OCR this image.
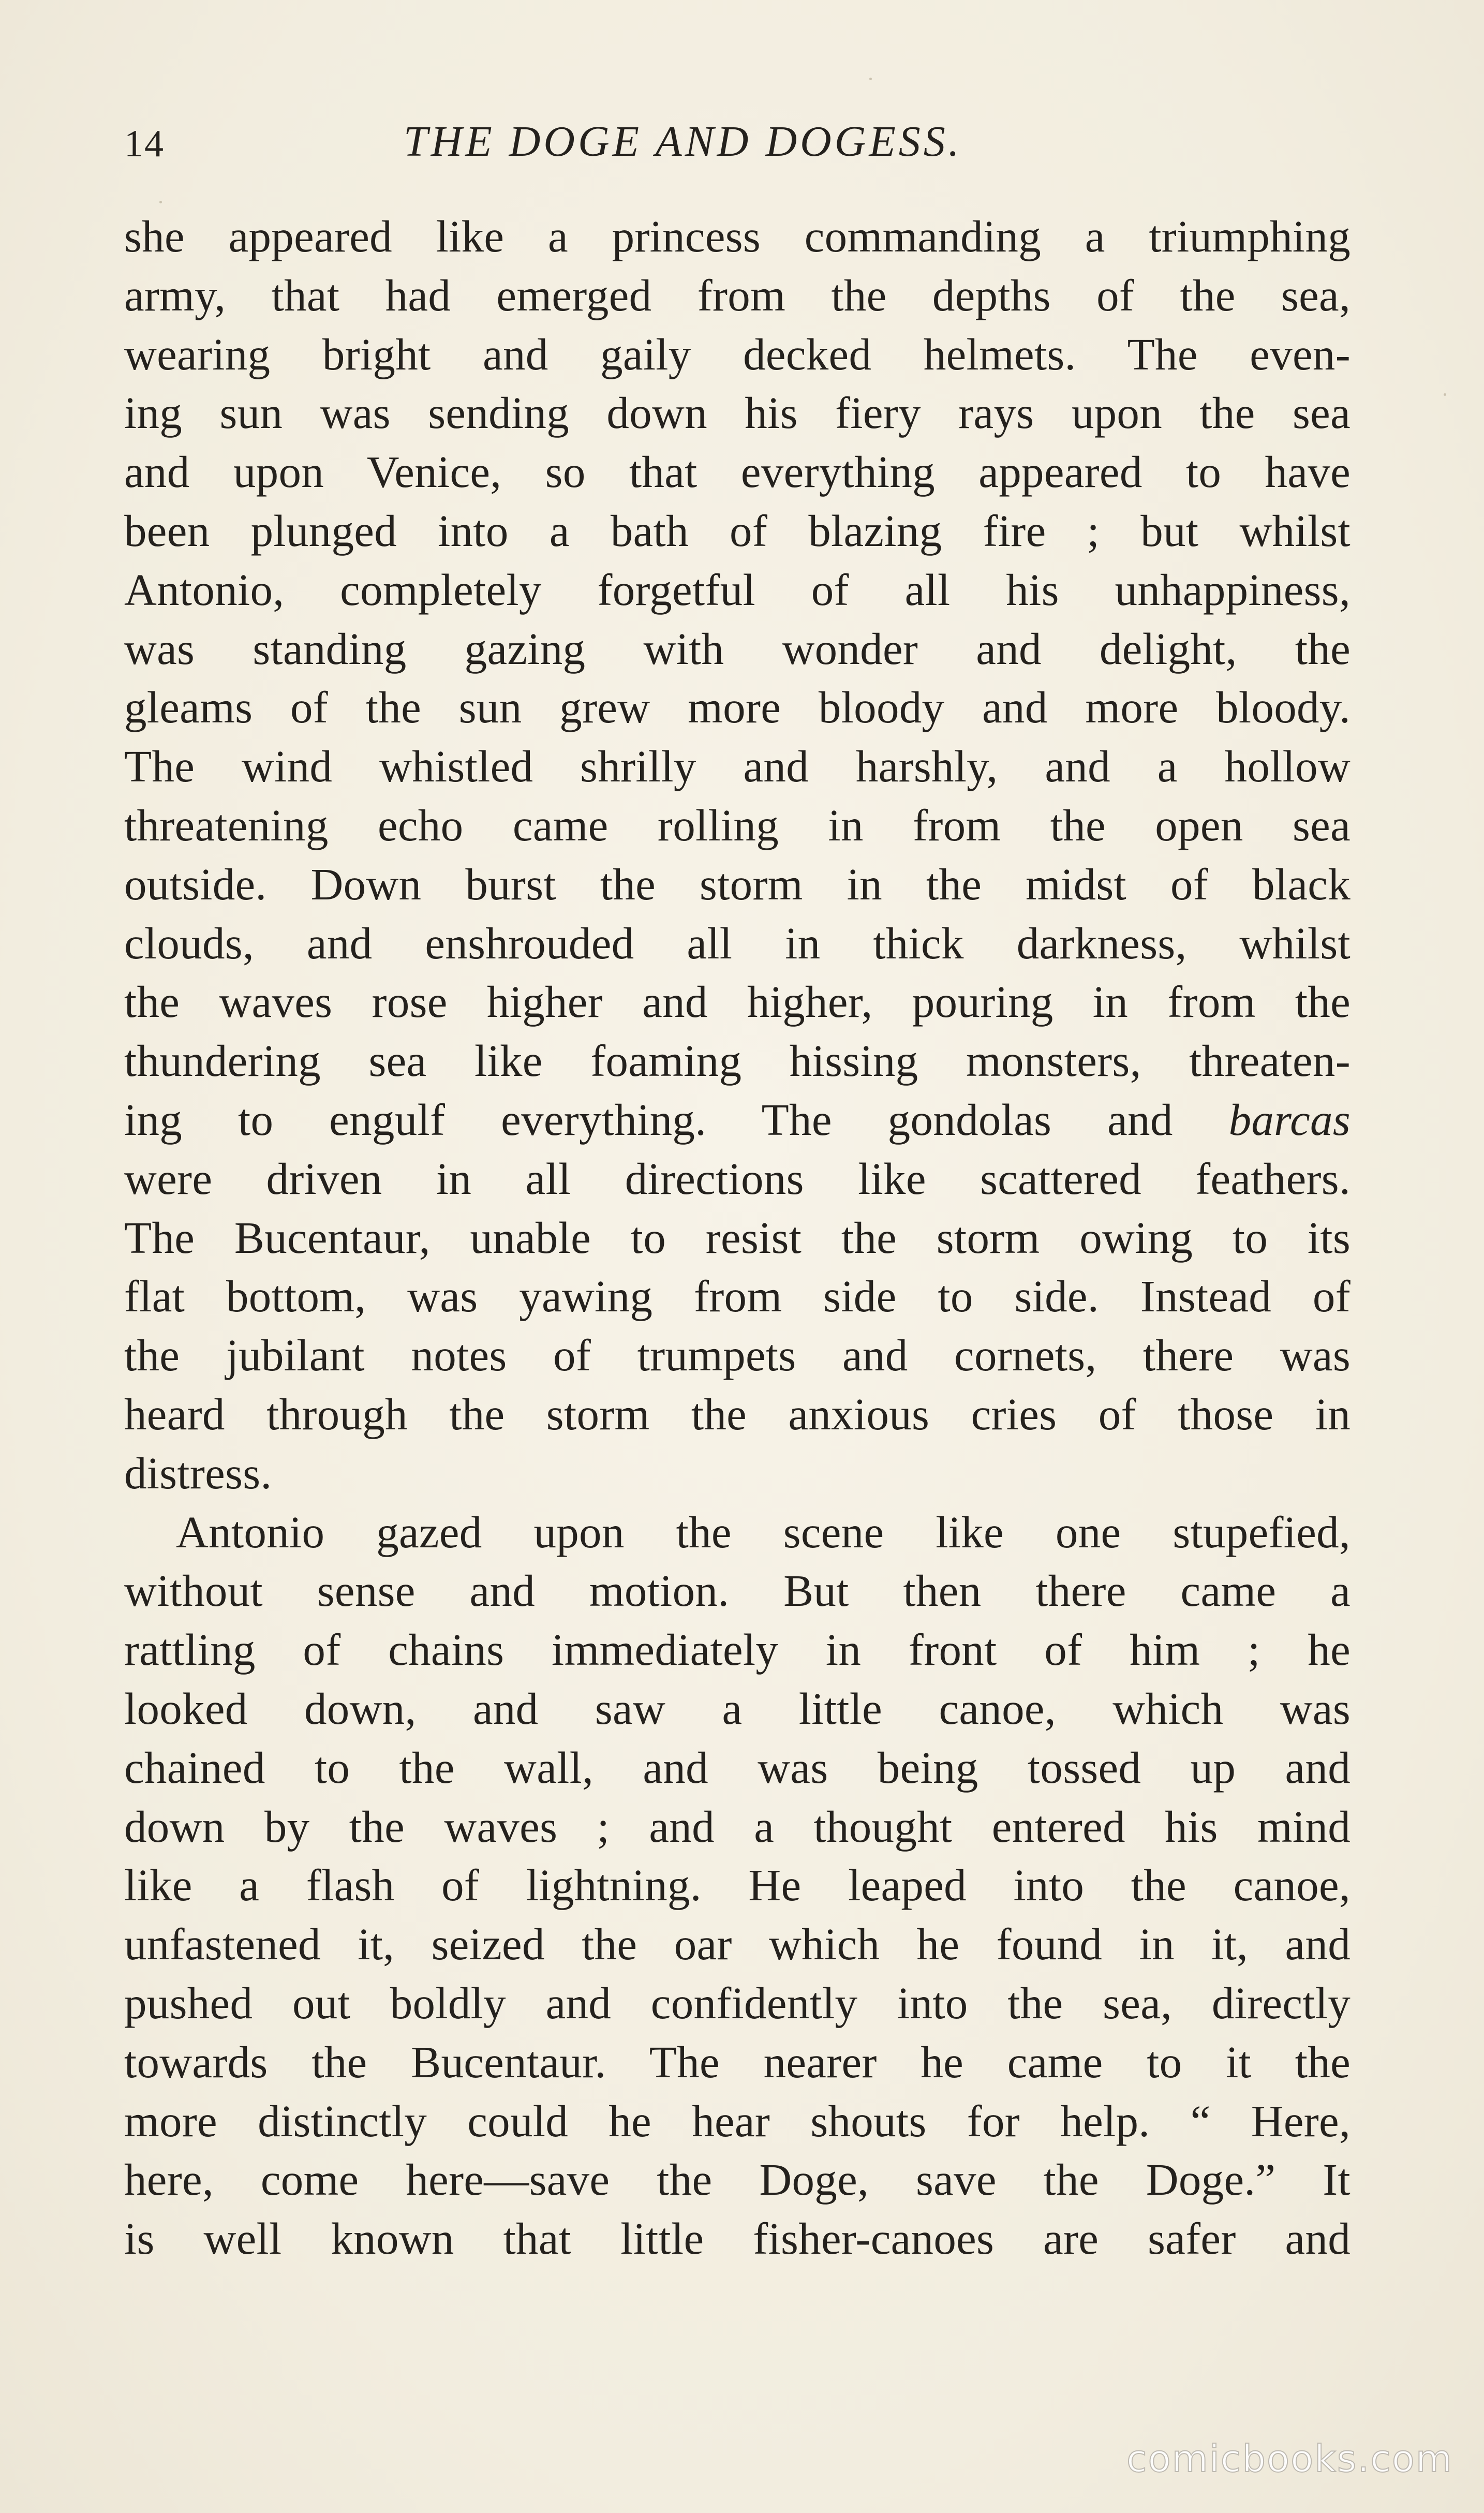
14	THE DOGE AND DOGESS.
she appeared like a princess commanding a triumphing
army, that had emerged from the depths of the sea,
wearing bright and gaily decked helmets. The even-
ing sun was sending down his fiery rays upon the sea
and upon Venice, so that everything appeared to have
been plunged into a bath of blazing fire ; but whilst
Antonio, completely forgetful of all his unhappiness,
was standing gazing with wonder and delight, the
gleams of the sun grew more bloody and more bloody.
The wind whistled shrilly and harshly, and a hollow
threatening echo came rolling in from the open sea
outside. Down burst the storm in the midst of black
clouds, and enshrouded all in thick darkness, whilst
the waves rose higher and higher, pouring in from the
thundering sea like foaming hissing monsters, threaten-
ing to engulf everything. The gondolas and barcas
were driven in all directions like scattered feathers.
The Bucentaur, unable to resist the storm owing to its
flat bottom, was yawing from side to side. Instead of
the jubilant notes of trumpets and cornets, there was
heard through the storm the anxious cries of those in
distress.
Antonio gazed upon the scene like one stupefied,
without sense and motion. But then there came a
rattling of chains immediately in front of him ; he
looked down, and saw a little canoe, which was
chained to the wall, and was being tossed up and
down by the waves ; and a thought entered his mind
like a flash of lightning. He leaped into the canoe,
unfastened it, seized the oar which he found in it, and
pushed out boldly and confidently into the sea, directly
towards the Bucentaur. The nearer he came to it the
more distinctly could he hear shouts for help. “ Here,
here, come here—save the Doge, save the Doge.” It
is well known that little fisher-canoes are safer and
comicbooks.com
